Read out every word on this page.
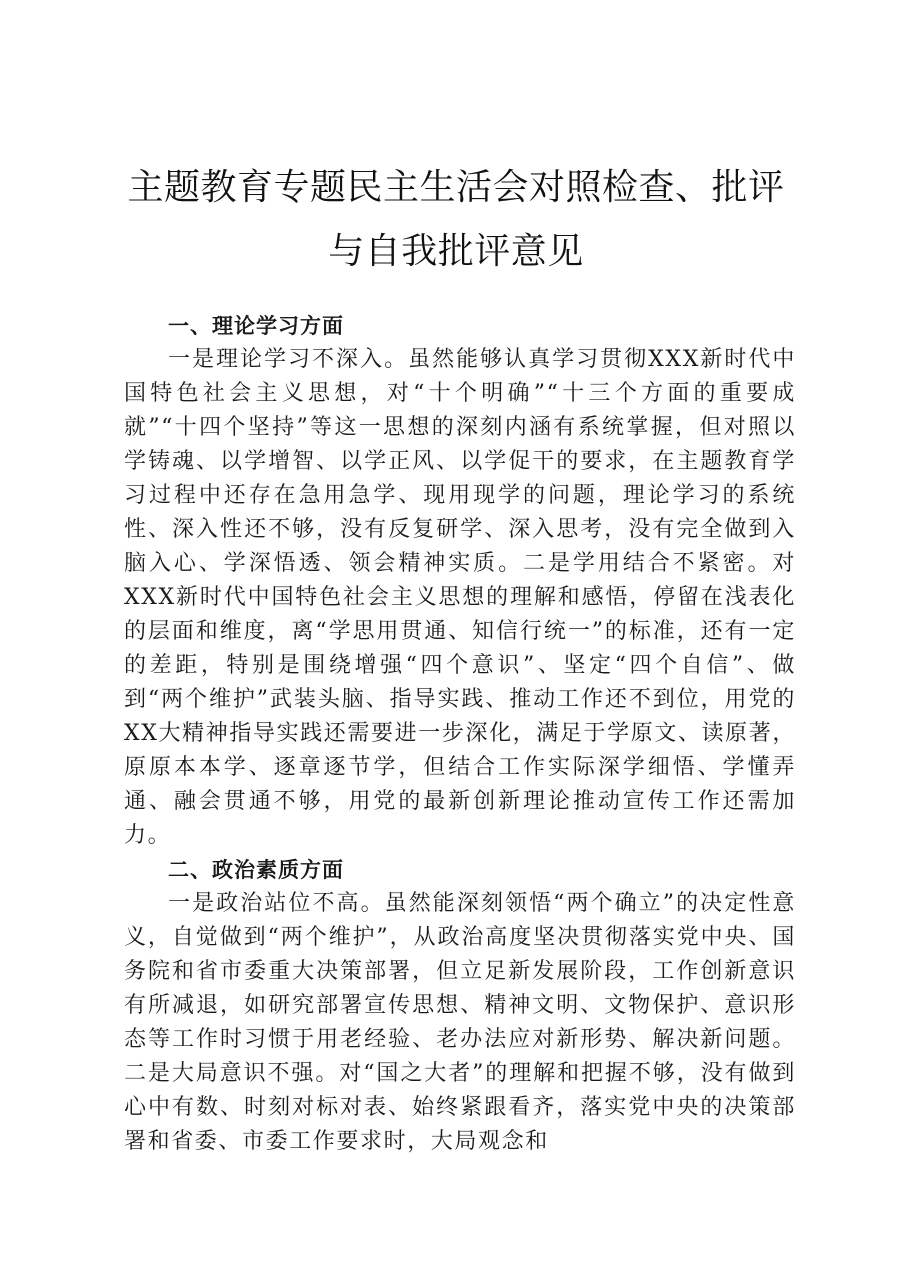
主题教育专题民主生活会对照检查、批评与自我批评意见
一、理论学习方面

一是理论学习不深入。虽然能够认真学习贯彻XXX新时代中国特色社会主义思想，对“十个明确”“十三个方面的重要成就”“十四个坚持”等这一思想的深刻内涵有系统掌握，但对照以学铸魂、以学增智、以学正风、以学促干的要求，在主题教育学习过程中还存在急用急学、现用现学的问题，理论学习的系统性、深入性还不够，没有反复研学、深入思考，没有完全做到入脑入心、学深悟透、领会精神实质。二是学用结合不紧密。对XXX新时代中国特色社会主义思想的理解和感悟，停留在浅表化的层面和维度，离“学思用贯通、知信行统一”的标准，还有一定的差距，特别是围绕增强“四个意识”、坚定“四个自信”、做到“两个维护”武装头脑、指导实践、推动工作还不到位，用党的XX大精神指导实践还需要进一步深化，满足于学原文、读原著，原原本本学、逐章逐节学，但结合工作实际深学细悟、学懂弄通、融会贯通不够，用党的最新创新理论推动宣传工作还需加力。

二、政治素质方面

一是政治站位不高。虽然能深刻领悟“两个确立”的决定性意义，自觉做到“两个维护”，从政治高度坚决贯彻落实党中央、国务院和省市委重大决策部署，但立足新发展阶段，工作创新意识有所减退，如研究部署宣传思想、精神文明、文物保护、意识形态等工作时习惯于用老经验、老办法应对新形势、解决新问题。二是大局意识不强。对“国之大者”的理解和把握不够，没有做到心中有数、时刻对标对表、始终紧跟看齐，落实党中央的决策部署和省委、市委工作要求时，大局观念和
